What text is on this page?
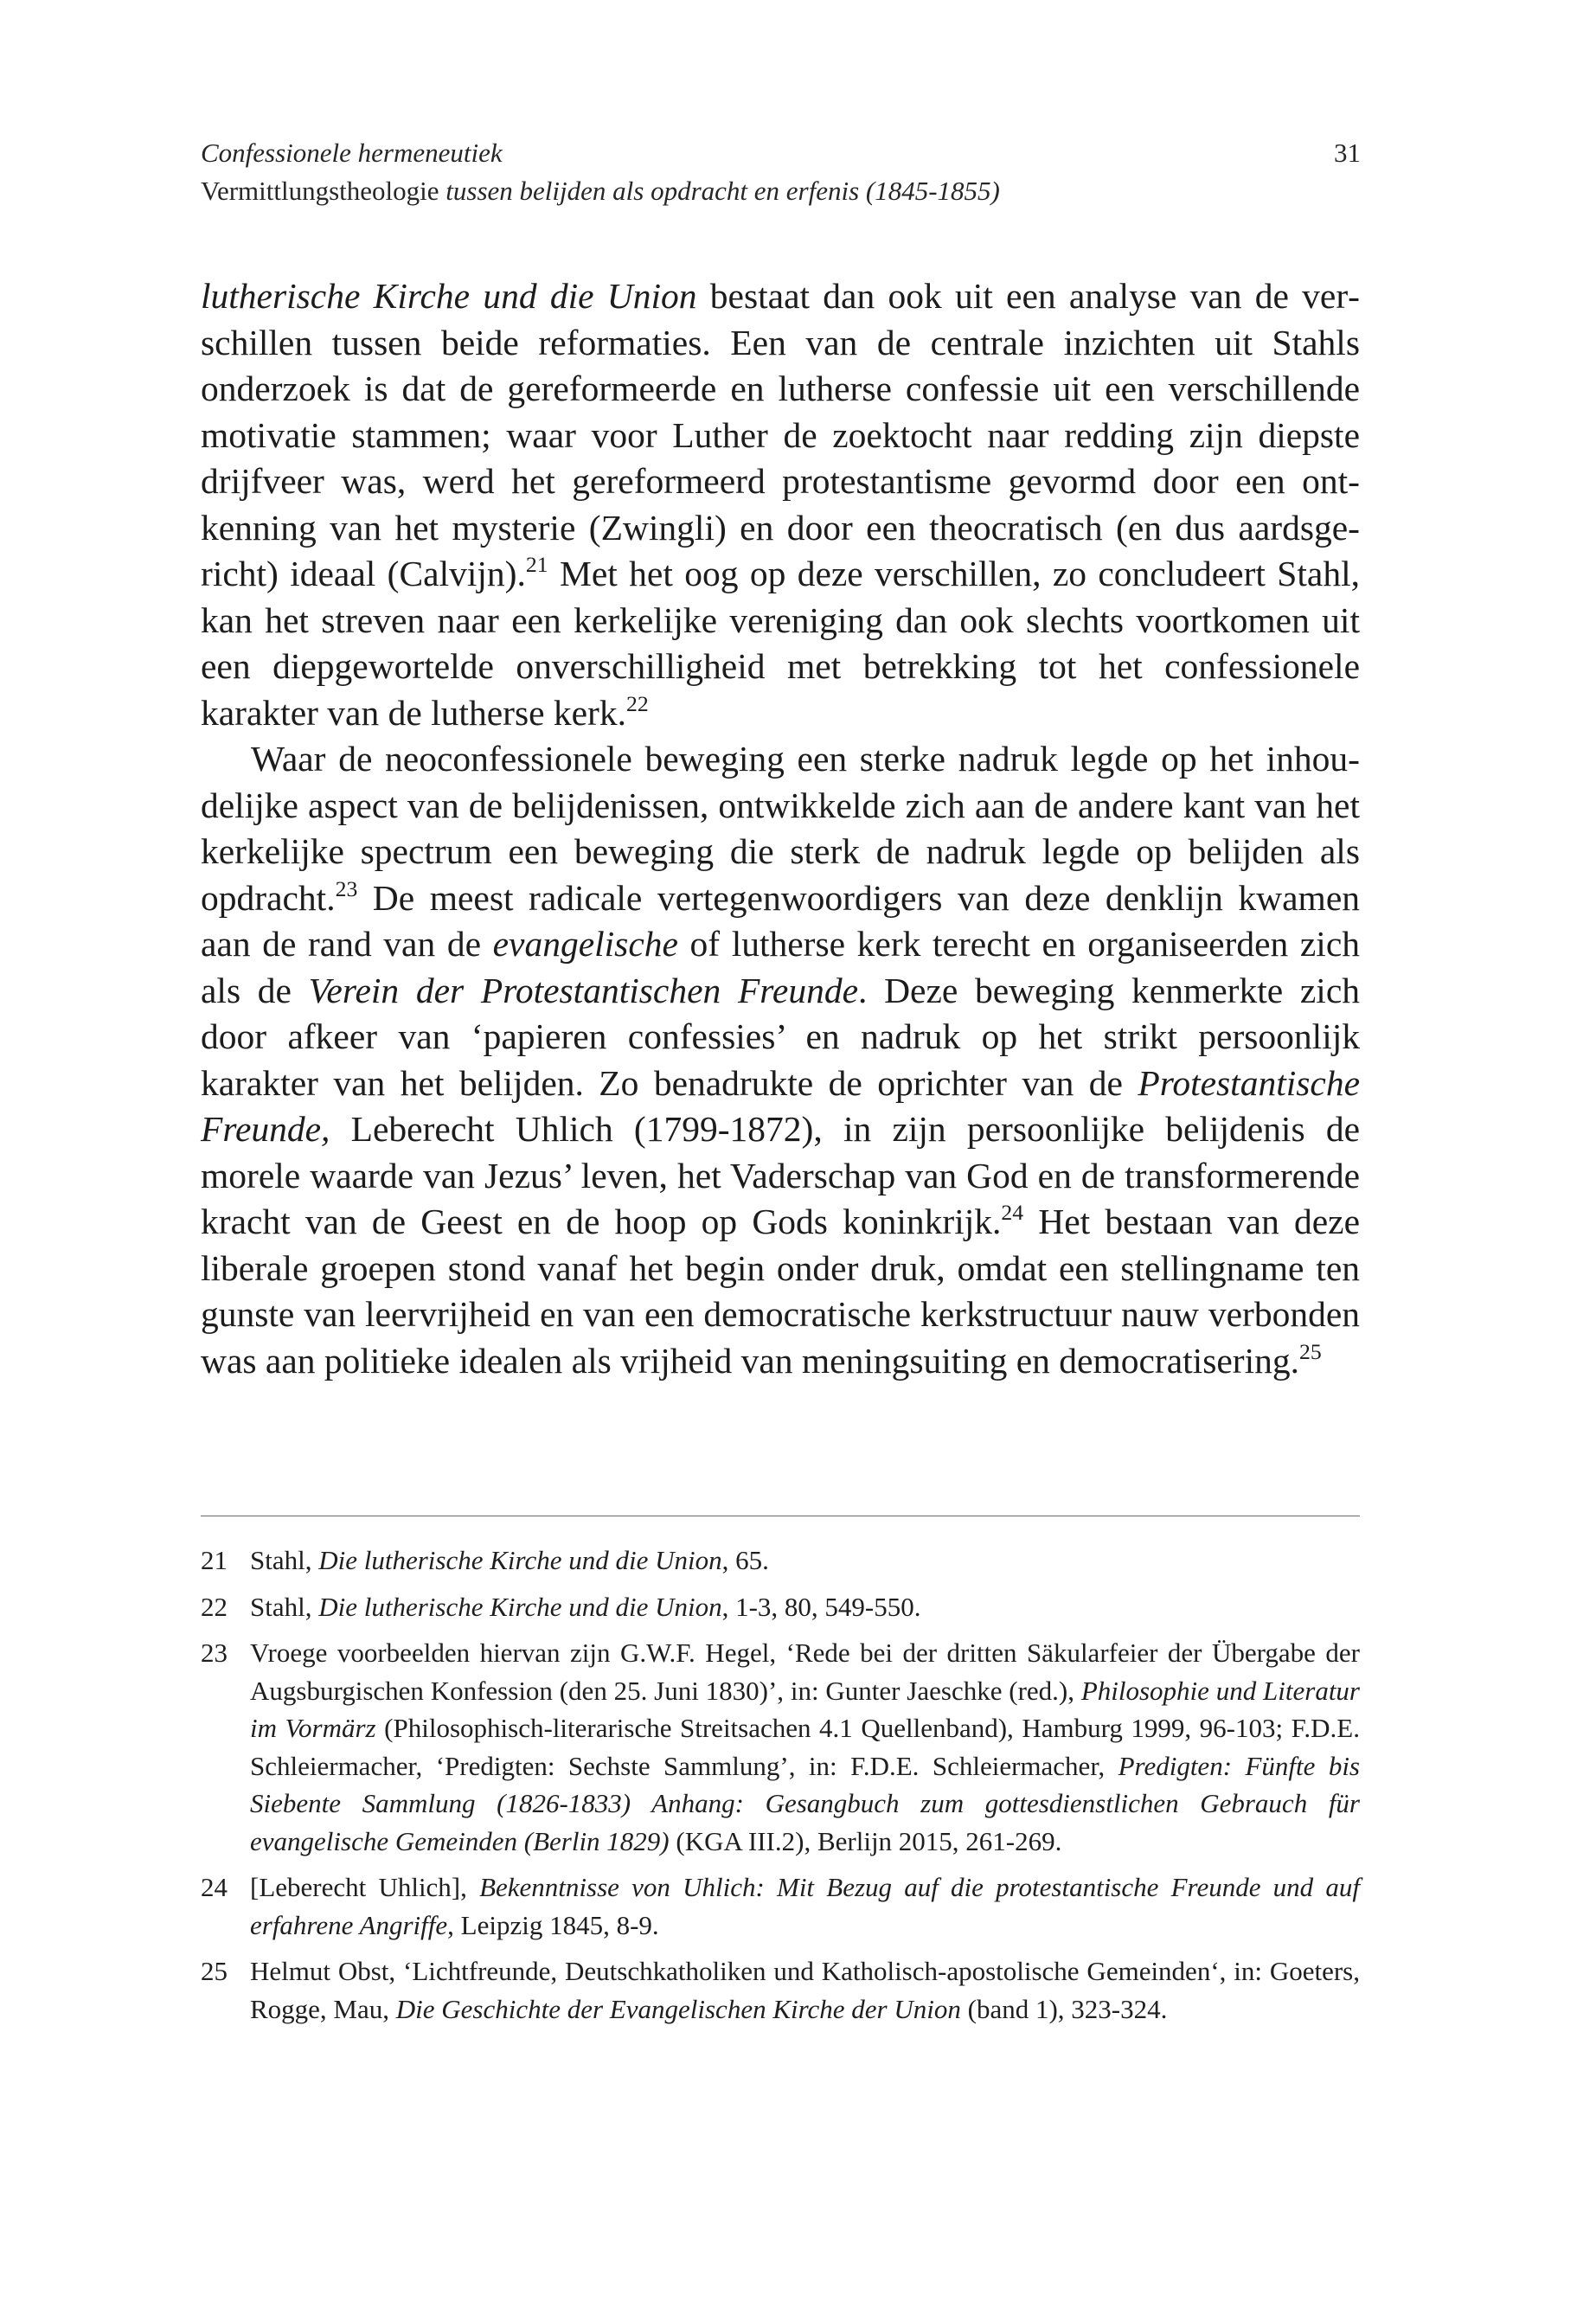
Confessionele hermeneutiek
Vermittlungstheologie tussen belijden als opdracht en erfenis (1845-1855)
31

lutherische Kirche und die Union bestaat dan ook uit een analyse van de verschillen tussen beide reformaties. Een van de centrale inzichten uit Stahls onderzoek is dat de gereformeerde en lutherse confessie uit een verschillende motivatie stammen; waar voor Luther de zoektocht naar redding zijn diepste drijfveer was, werd het gereformeerd protestantisme gevormd door een ontkenning van het mysterie (Zwingli) en door een theocratisch (en dus aardsgericht) ideaal (Calvijn).$^{21}$ Met het oog op deze verschillen, zo concludeert Stahl, kan het streven naar een kerkelijke vereniging dan ook slechts voortkomen uit een diepgewortelde onverschilligheid met betrekking tot het confessionele karakter van de lutherse kerk.$^{22}$

Waar de neoconfessionele beweging een sterke nadruk legde op het inhoudelijke aspect van de belijdenissen, ontwikkelde zich aan de andere kant van het kerkelijke spectrum een beweging die sterk de nadruk legde op belijden als opdracht.$^{23}$ De meest radicale vertegenwoordigers van deze denklijn kwamen aan de rand van de evangelische of lutherse kerk terecht en organiseerden zich als de Verein der Protestantischen Freunde. Deze beweging kenmerkte zich door afkeer van ‘papieren confessies’ en nadruk op het strikt persoonlijk karakter van het belijden. Zo benadrukte de oprichter van de Protestantische Freunde, Leberecht Uhlich (1799-1872), in zijn persoonlijke belijdenis de morele waarde van Jezus’ leven, het Vaderschap van God en de transformerende kracht van de Geest en de hoop op Gods koninkrijk.$^{24}$ Het bestaan van deze liberale groepen stond vanaf het begin onder druk, omdat een stellingname ten gunste van leervrijheid en van een democratische kerkstructuur nauw verbonden was aan politieke idealen als vrijheid van meningsuiting en democratisering.$^{25}$

21 Stahl, Die lutherische Kirche und die Union, 65.
22 Stahl, Die lutherische Kirche und die Union, 1-3, 80, 549-550.
23 Vroege voorbeelden hiervan zijn G.W.F. Hegel, ‘Rede bei der dritten Säkularfeier der Übergabe der Augsburgischen Konfession (den 25. Juni 1830)’, in: Gunter Jaeschke (red.), Philosophie und Literatur im Vormärz (Philosophisch-literarische Streitsachen 4.1 Quellenband), Hamburg 1999, 96-103; F.D.E. Schleiermacher, ‘Predigten: Sechste Sammlung’, in: F.D.E. Schleiermacher, Predigten: Fünfte bis Siebente Sammlung (1826-1833) Anhang: Gesangbuch zum gottesdienstlichen Gebrauch für evangelische Gemeinden (Berlin 1829) (KGA III.2), Berlijn 2015, 261-269.
24 [Leberecht Uhlich], Bekenntnisse von Uhlich: Mit Bezug auf die protestantische Freunde und auf erfahrene Angriffe, Leipzig 1845, 8-9.
25 Helmut Obst, ‘Lichtfreunde, Deutschkatholiken und Katholisch-apostolische Gemeinden‘, in: Goeters, Rogge, Mau, Die Geschichte der Evangelischen Kirche der Union (band 1), 323-324.
